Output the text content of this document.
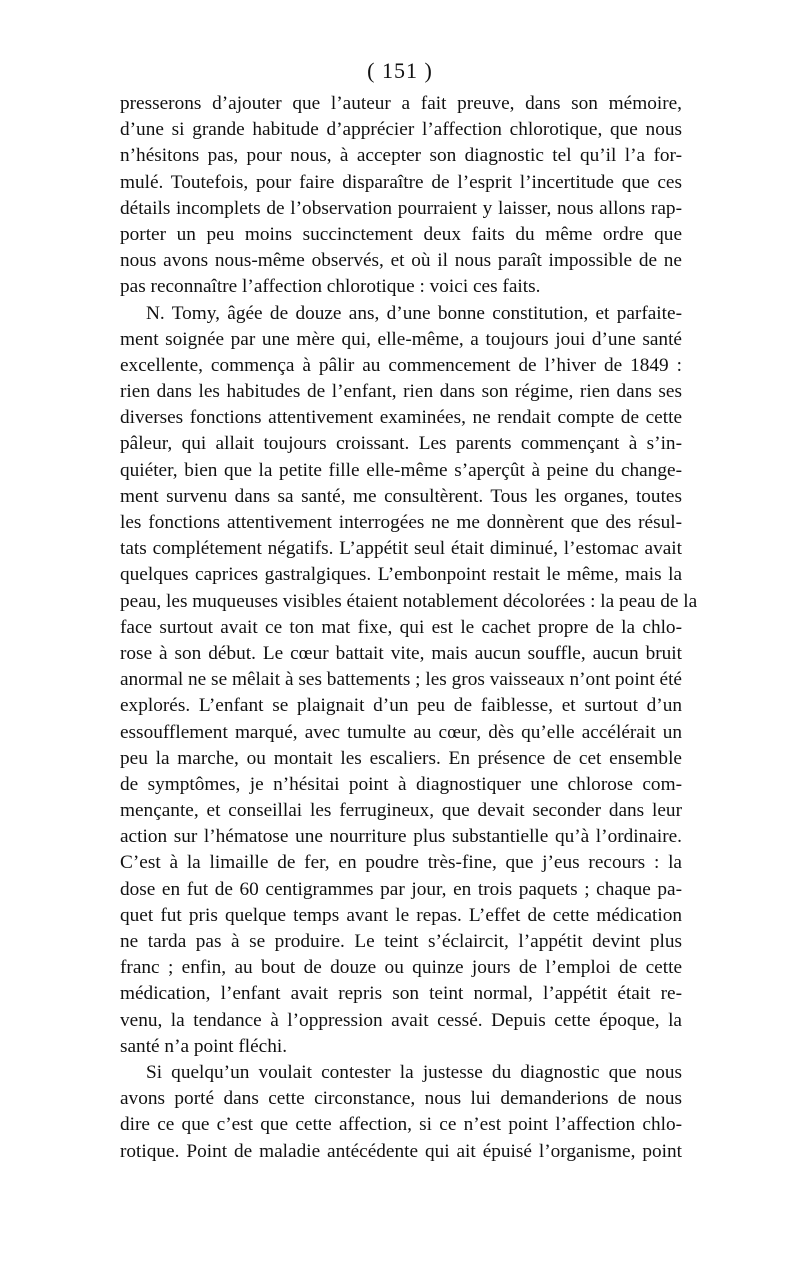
( 151 )
presserons d’ajouter que l’auteur a fait preuve, dans son mémoire,
d’une si grande habitude d’apprécier l’affection chlorotique, que nous
n’hésitons pas, pour nous, à accepter son diagnostic tel qu’il l’a for-
mulé. Toutefois, pour faire disparaître de l’esprit l’incertitude que ces
détails incomplets de l’observation pourraient y laisser, nous allons rap-
porter un peu moins succinctement deux faits du même ordre que
nous avons nous-même observés, et où il nous paraît impossible de ne
pas reconnaître l’affection chlorotique : voici ces faits.
N. Tomy, âgée de douze ans, d’une bonne constitution, et parfaite-
ment soignée par une mère qui, elle-même, a toujours joui d’une santé
excellente, commença à pâlir au commencement de l’hiver de 1849 :
rien dans les habitudes de l’enfant, rien dans son régime, rien dans ses
diverses fonctions attentivement examinées, ne rendait compte de cette
pâleur, qui allait toujours croissant. Les parents commençant à s’in-
quiéter, bien que la petite fille elle-même s’aperçût à peine du change-
ment survenu dans sa santé, me consultèrent. Tous les organes, toutes
les fonctions attentivement interrogées ne me donnèrent que des résul-
tats complétement négatifs. L’appétit seul était diminué, l’estomac avait
quelques caprices gastralgiques. L’embonpoint restait le même, mais la
peau, les muqueuses visibles étaient notablement décolorées : la peau de la
face surtout avait ce ton mat fixe, qui est le cachet propre de la chlo-
rose à son début. Le cœur battait vite, mais aucun souffle, aucun bruit
anormal ne se mêlait à ses battements ; les gros vaisseaux n’ont point été
explorés. L’enfant se plaignait d’un peu de faiblesse, et surtout d’un
essoufflement marqué, avec tumulte au cœur, dès qu’elle accélérait un
peu la marche, ou montait les escaliers. En présence de cet ensemble
de symptômes, je n’hésitai point à diagnostiquer une chlorose com-
mençante, et conseillai les ferrugineux, que devait seconder dans leur
action sur l’hématose une nourriture plus substantielle qu’à l’ordinaire.
C’est à la limaille de fer, en poudre très-fine, que j’eus recours : la
dose en fut de 60 centigrammes par jour, en trois paquets ; chaque pa-
quet fut pris quelque temps avant le repas. L’effet de cette médication
ne tarda pas à se produire. Le teint s’éclaircit, l’appétit devint plus
franc ; enfin, au bout de douze ou quinze jours de l’emploi de cette
médication, l’enfant avait repris son teint normal, l’appétit était re-
venu, la tendance à l’oppression avait cessé. Depuis cette époque, la
santé n’a point fléchi.
Si quelqu’un voulait contester la justesse du diagnostic que nous
avons porté dans cette circonstance, nous lui demanderions de nous
dire ce que c’est que cette affection, si ce n’est point l’affection chlo-
rotique. Point de maladie antécédente qui ait épuisé l’organisme, point
